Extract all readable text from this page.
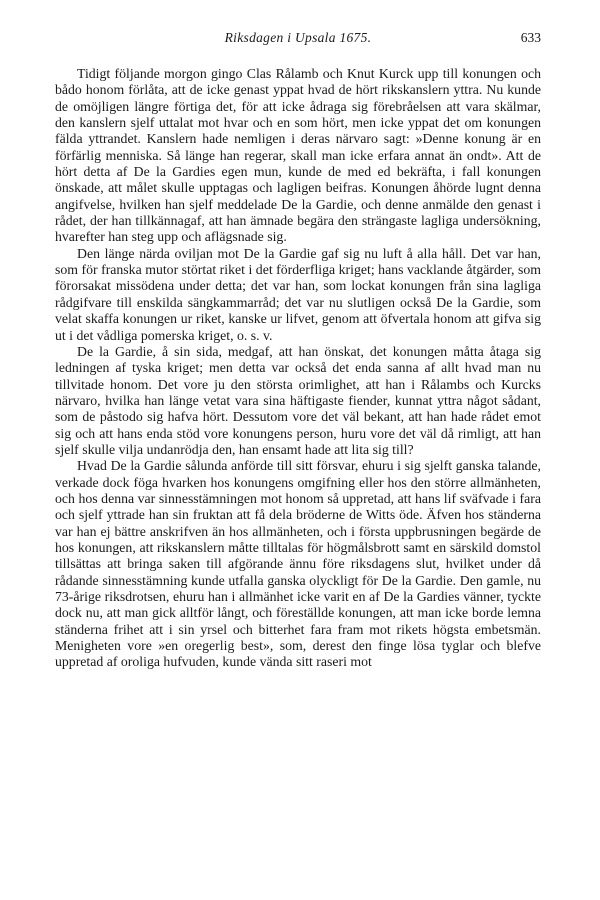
Riksdagen i Upsala 1675.	633

Tidigt följande morgon gingo Clas Rålamb och Knut Kurck upp till konungen och bådo honom förlåta, att de icke genast yppat hvad de hört rikskanslern yttra. Nu kunde de omöjligen längre förtiga det, för att icke ådraga sig förebråelsen att vara skälmar, den kanslern sjelf uttalat mot hvar och en som hört, men icke yppat det om konungen fälda yttrandet. Kanslern hade nemligen i deras närvaro sagt: »Denne konung är en förfärlig menniska. Så länge han regerar, skall man icke erfara annat än ondt». Att de hört detta af De la Gardies egen mun, kunde de med ed bekräfta, i fall konungen önskade, att målet skulle upptagas och lagligen beifras. Konungen åhörde lugnt denna angifvelse, hvilken han sjelf meddelade De la Gardie, och denne anmälde den genast i rådet, der han tillkännagaf, att han ämnade begära den strängaste lagliga undersökning, hvarefter han steg upp och aflägsnade sig.

Den länge närda oviljan mot De la Gardie gaf sig nu luft å alla håll. Det var han, som för franska mutor störtat riket i det förderfliga kriget; hans vacklande åtgärder, som förorsakat missödena under detta; det var han, som lockat konungen från sina lagliga rådgifvare till enskilda sängkammarråd; det var nu slutligen också De la Gardie, som velat skaffa konungen ur riket, kanske ur lifvet, genom att öfvertala honom att gifva sig ut i det vådliga pomerska kriget, o. s. v.

De la Gardie, å sin sida, medgaf, att han önskat, det konungen måtta åtaga sig ledningen af tyska kriget; men detta var också det enda sanna af allt hvad man nu tillvitade honom. Det vore ju den största orimlighet, att han i Rålambs och Kurcks närvaro, hvilka han länge vetat vara sina häftigaste fiender, kunnat yttra något sådant, som de påstodo sig hafva hört. Dessutom vore det väl bekant, att han hade rådet emot sig och att hans enda stöd vore konungens person, huru vore det väl då rimligt, att han sjelf skulle vilja undanrödja den, han ensamt hade att lita sig till?

Hvad De la Gardie sålunda anförde till sitt försvar, ehuru i sig sjelft ganska talande, verkade dock föga hvarken hos konungens omgifning eller hos den större allmänheten, och hos denna var sinnesstämningen mot honom så uppretad, att hans lif sväfvade i fara och sjelf yttrade han sin fruktan att få dela bröderne de Witts öde. Äfven hos ständerna var han ej bättre anskrifven än hos allmänheten, och i första uppbrusningen begärde de hos konungen, att rikskanslern måtte tilltalas för högmålsbrott samt en särskild domstol tillsättas att bringa saken till afgörande ännu före riksdagens slut, hvilket under då rådande sinnesstämning kunde utfalla ganska olyckligt för De la Gardie. Den gamle, nu 73-årige riksdrotsen, ehuru han i allmänhet icke varit en af De la Gardies vänner, tyckte dock nu, att man gick alltför långt, och föreställde konungen, att man icke borde lemna ständerna frihet att i sin yrsel och bitterhet fara fram mot rikets högsta embetsmän. Menigheten vore »en oregerlig best», som, derest den finge lösa tyglar och blefve uppretad af oroliga hufvuden, kunde vända sitt raseri mot
